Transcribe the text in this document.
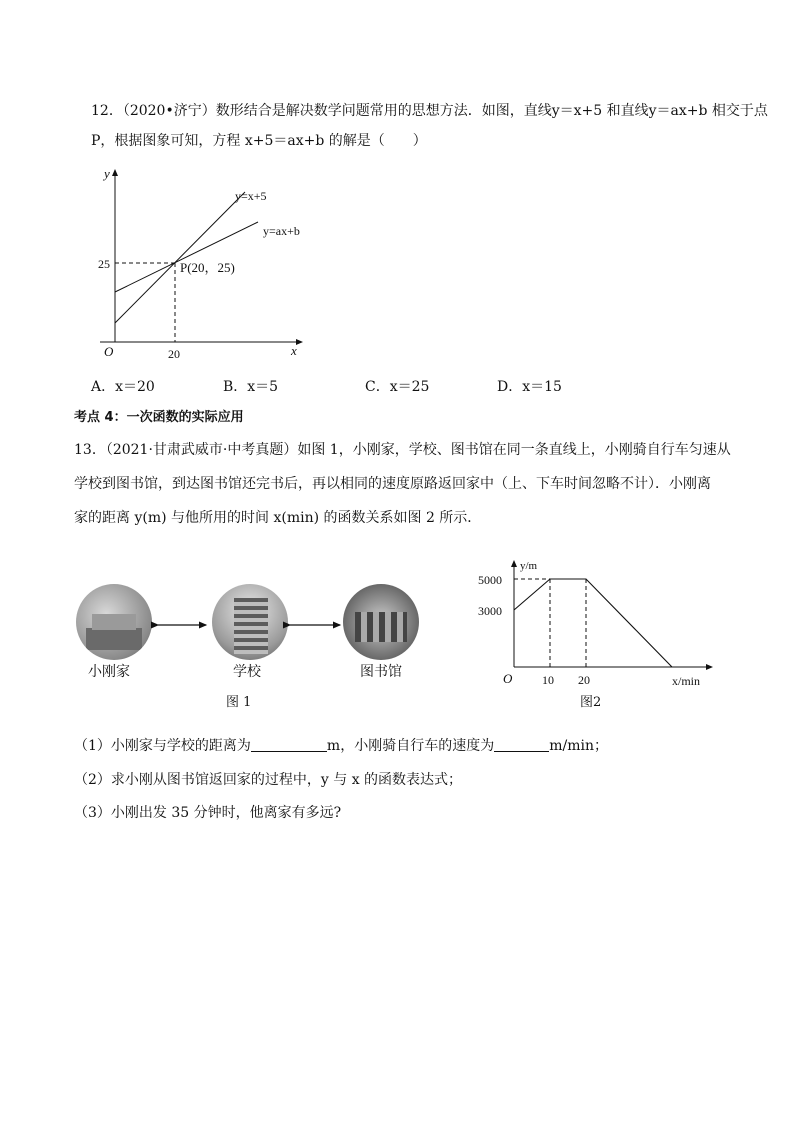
12．（2020•济宁）数形结合是解决数学问题常用的思想方法．如图，直线y＝x+5 和直线y＝ax+b 相交于点
P，根据图象可知，方程 x+5＝ax+b 的解是（　　）
y
x
O
y=x+5
y=ax+b
P(20，25)
25
20
A．x＝20	B．x＝5	C．x＝25	D．x＝15
考点 4：一次函数的实际应用
13．（2021·甘肃武威市·中考真题）如图 1，小刚家，学校、图书馆在同一条直线上，小刚骑自行车匀速从
学校到图书馆，到达图书馆还完书后，再以相同的速度原路返回家中（上、下车时间忽略不计）．小刚离
家的距离 y(m) 与他所用的时间 x(min) 的函数关系如图 2 所示．
小刚家	学校	图书馆
图 1
y/m
x/min
O
5000
3000
10 20
图2
（1）小刚家与学校的距离为	m，小刚骑自行车的速度为	m/min；
（2）求小刚从图书馆返回家的过程中，y 与 x 的函数表达式；
（3）小刚出发 35 分钟时，他离家有多远?
